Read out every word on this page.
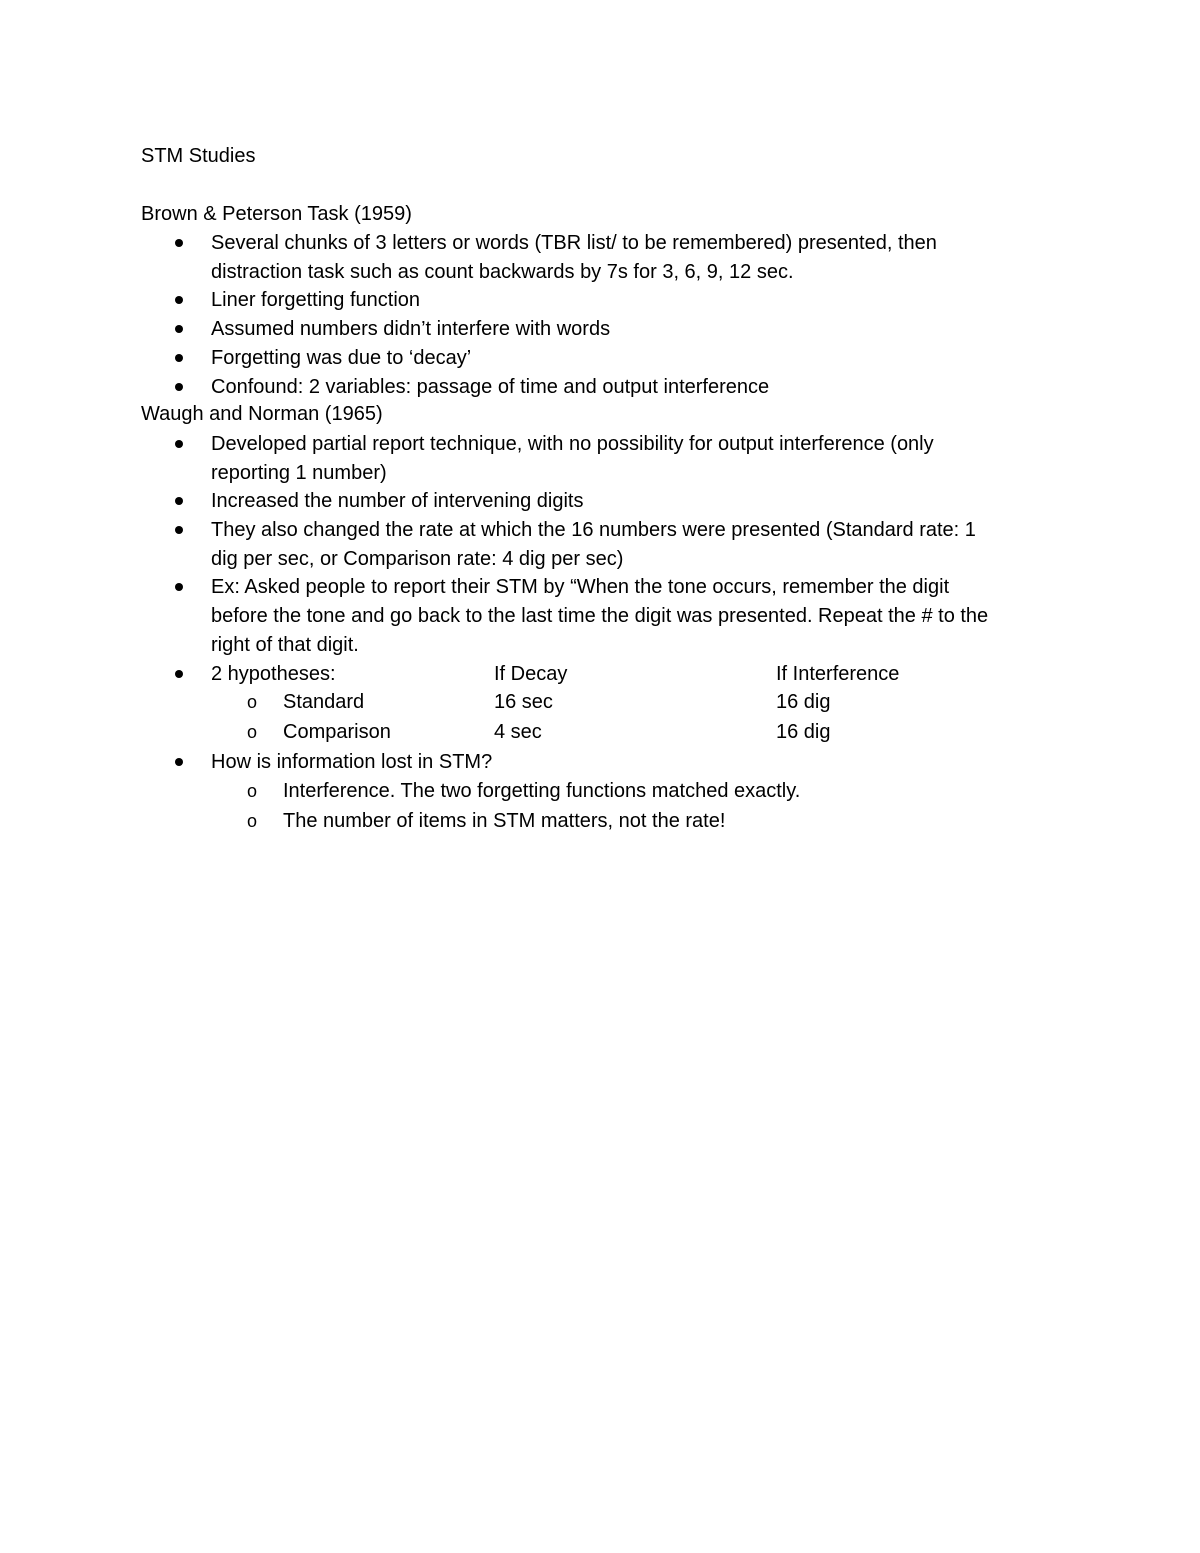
STM Studies
Brown & Peterson Task (1959)
Several chunks of 3 letters or words (TBR list/ to be remembered) presented, then
distraction task such as count backwards by 7s for 3, 6, 9, 12 sec.
Liner forgetting function
Assumed numbers didn’t interfere with words
Forgetting was due to ‘decay’
Confound: 2 variables: passage of time and output interference
Waugh and Norman (1965)
Developed partial report technique, with no possibility for output interference (only
reporting 1 number)
Increased the number of intervening digits
They also changed the rate at which the 16 numbers were presented (Standard rate: 1
dig per sec, or Comparison rate: 4 dig per sec)
Ex: Asked people to report their STM by “When the tone occurs, remember the digit
before the tone and go back to the last time the digit was presented. Repeat the # to the
right of that digit.
2 hypotheses:	If Decay	If Interference
o Standard	16 sec	16 dig
o Comparison	4 sec	16 dig
How is information lost in STM?
o Interference. The two forgetting functions matched exactly.
o The number of items in STM matters, not the rate!
